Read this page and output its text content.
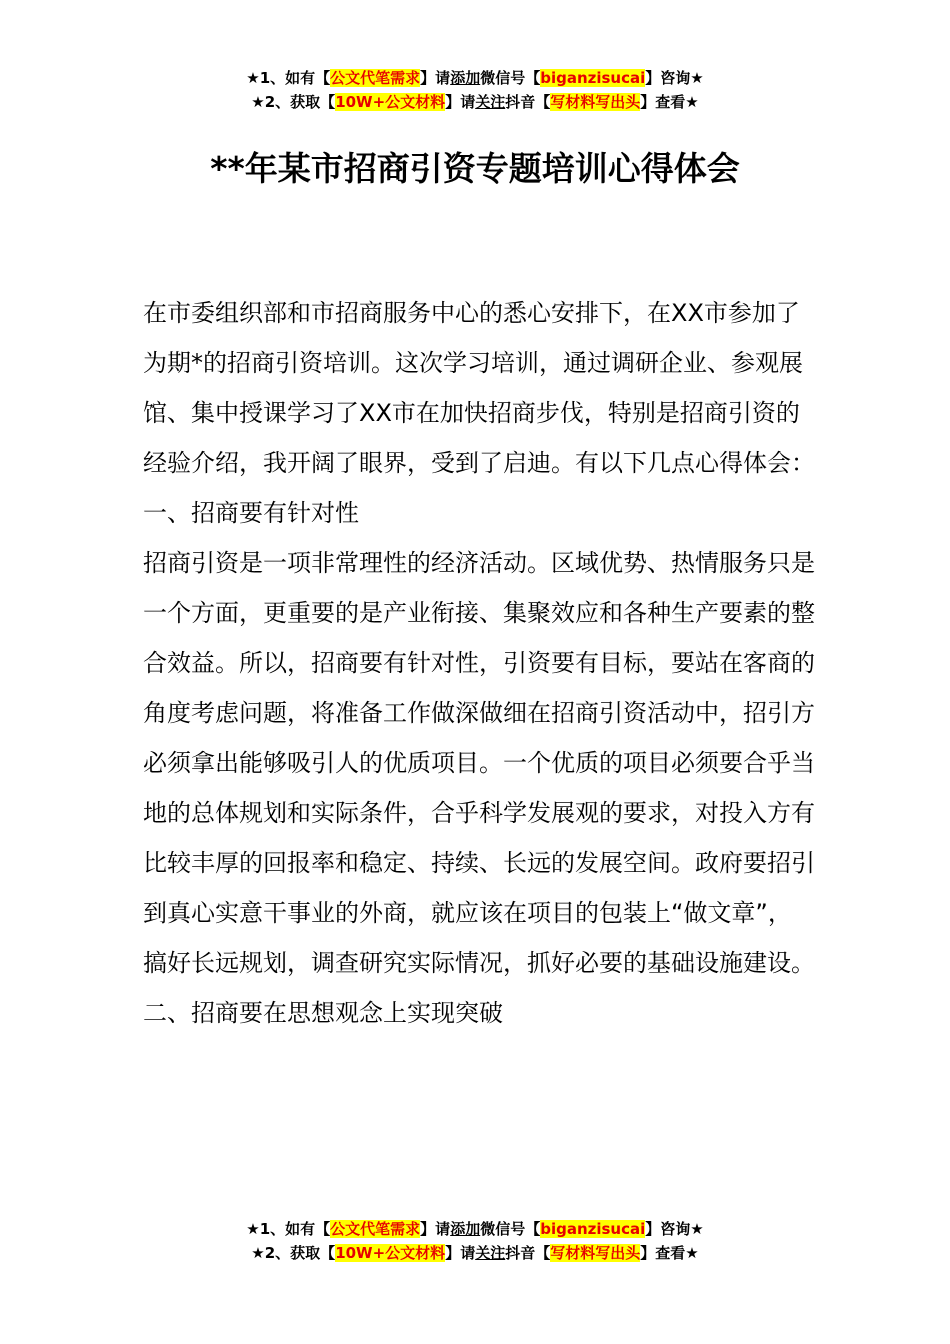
★1、如有【公文代笔需求】请添加微信号【biganzisucai】咨询★
★2、获取【10W+公文材料】请关注抖音【写材料写出头】查看★
**年某市招商引资专题培训心得体会

在市委组织部和市招商服务中心的悉心安排下，在XX市参加了为期*的招商引资培训。这次学习培训，通过调研企业、参观展馆、集中授课学习了XX市在加快招商步伐，特别是招商引资的经验介绍，我开阔了眼界，受到了启迪。有以下几点心得体会：

一、招商要有针对性

招商引资是一项非常理性的经济活动。区域优势、热情服务只是一个方面，更重要的是产业衔接、集聚效应和各种生产要素的整合效益。所以，招商要有针对性，引资要有目标，要站在客商的角度考虑问题，将准备工作做深做细在招商引资活动中，招引方必须拿出能够吸引人的优质项目。一个优质的项目必须要合乎当地的总体规划和实际条件，合乎科学发展观的要求，对投入方有比较丰厚的回报率和稳定、持续、长远的发展空间。政府要招引到真心实意干事业的外商，就应该在项目的包装上“做文章”，搞好长远规划，调查研究实际情况，抓好必要的基础设施建设。

二、招商要在思想观念上实现突破

★1、如有【公文代笔需求】请添加微信号【biganzisucai】咨询★
★2、获取【10W+公文材料】请关注抖音【写材料写出头】查看★
